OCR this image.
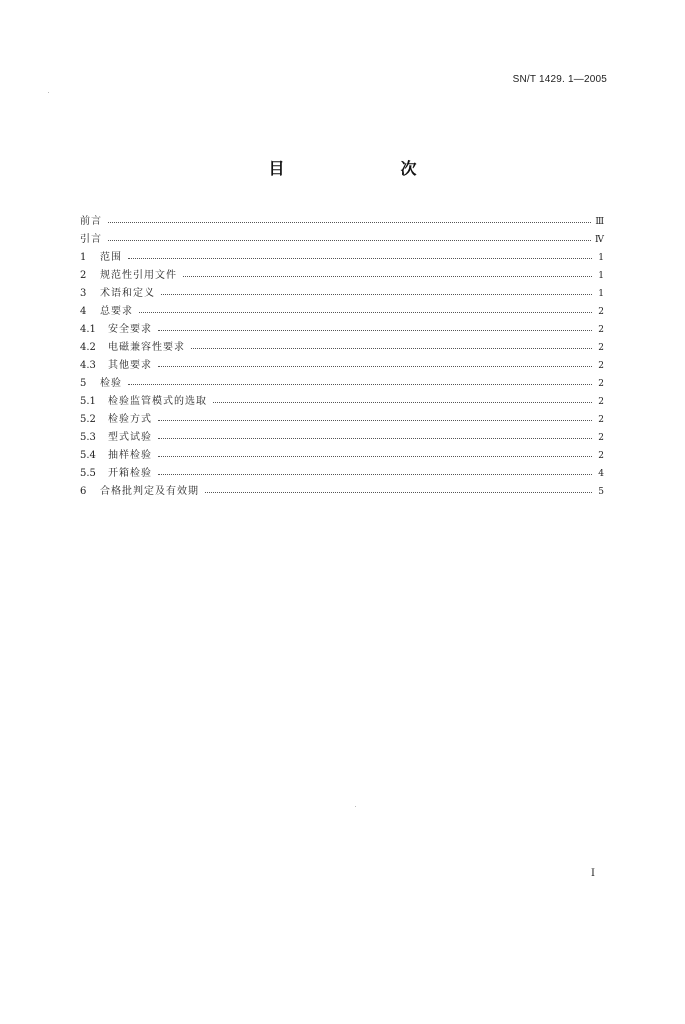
SN/T 1429. 1—2005
目　　次
前言	Ⅲ
引言	Ⅳ
1	范围	1
2	规范性引用文件	1
3	术语和定义	1
4	总要求	2
4.1	安全要求	2
4.2	电磁兼容性要求	2
4.3	其他要求	2
5	检验	2
5.1	检验监管模式的选取	2
5.2	检验方式	2
5.3	型式试验	2
5.4	抽样检验	2
5.5	开箱检验	4
6	合格批判定及有效期	5
I
